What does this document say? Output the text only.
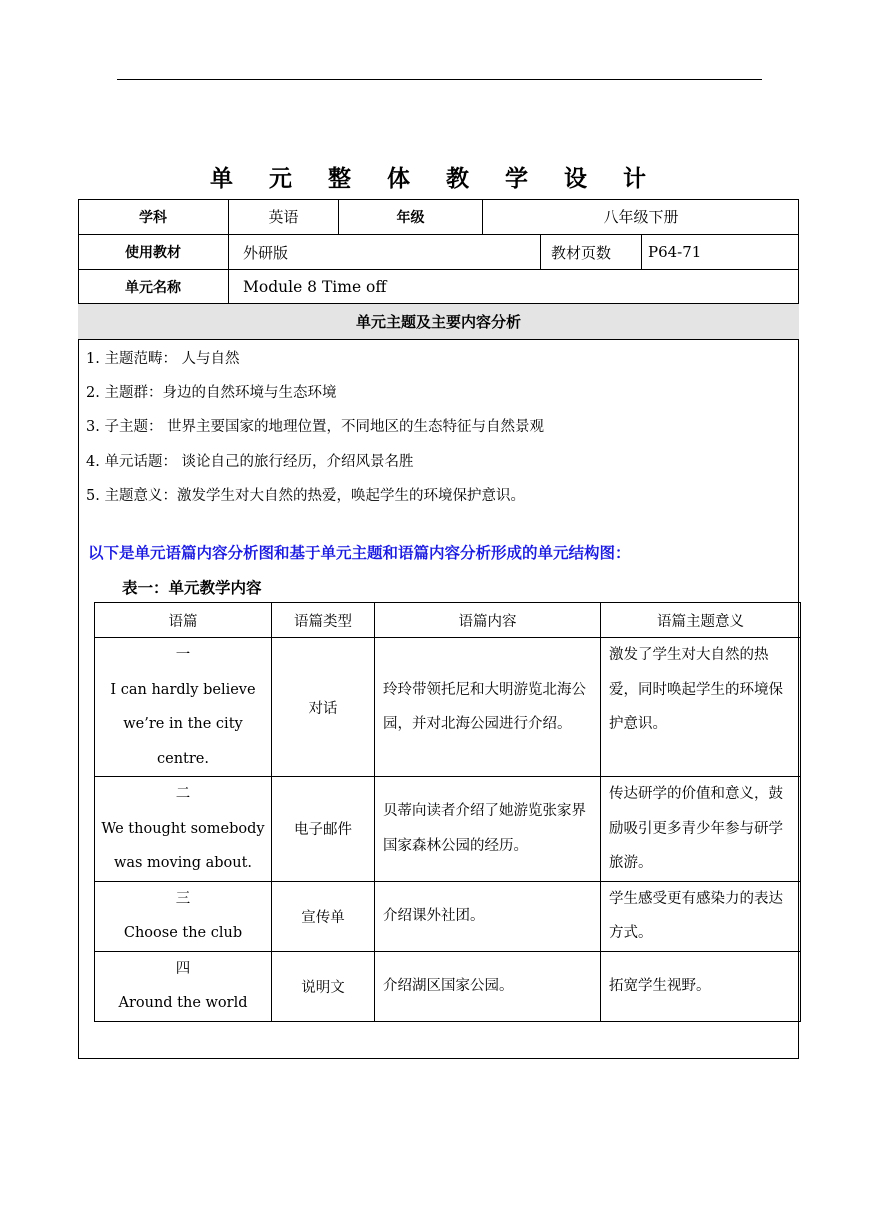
单 元 整 体 教 学 设 计
学科	英语	年级	八年级下册
使用教材	外研版	教材页数	P64-71
单元名称	Module 8 Time off
单元主题及主要内容分析
1. 主题范畴： 人与自然
2. 主题群：身边的自然环境与生态环境
3. 子主题： 世界主要国家的地理位置，不同地区的生态特征与自然景观
4. 单元话题： 谈论自己的旅行经历，介绍风景名胜
5. 主题意义：激发学生对大自然的热爱，唤起学生的环境保护意识。
以下是单元语篇内容分析图和基于单元主题和语篇内容分析形成的单元结构图：
表一：单元教学内容
语篇	语篇类型	语篇内容	语篇主题意义

一
I can hardly believe
we’re in the city centre.	对话	玲玲带领托尼和大明游览北海公园，并对北海公园进行介绍。	激发了学生对大自然的热爱，同时唤起学生的环境保护意识。

二
We thought somebody
was moving about.	电子邮件	贝蒂向读者介绍了她游览张家界国家森林公园的经历。	传达研学的价值和意义，鼓励吸引更多青少年参与研学旅游。

三
Choose the club	宣传单	介绍课外社团。	学生感受更有感染力的表达方式。

四
Around the world	说明文	介绍湖区国家公园。	拓宽学生视野。
